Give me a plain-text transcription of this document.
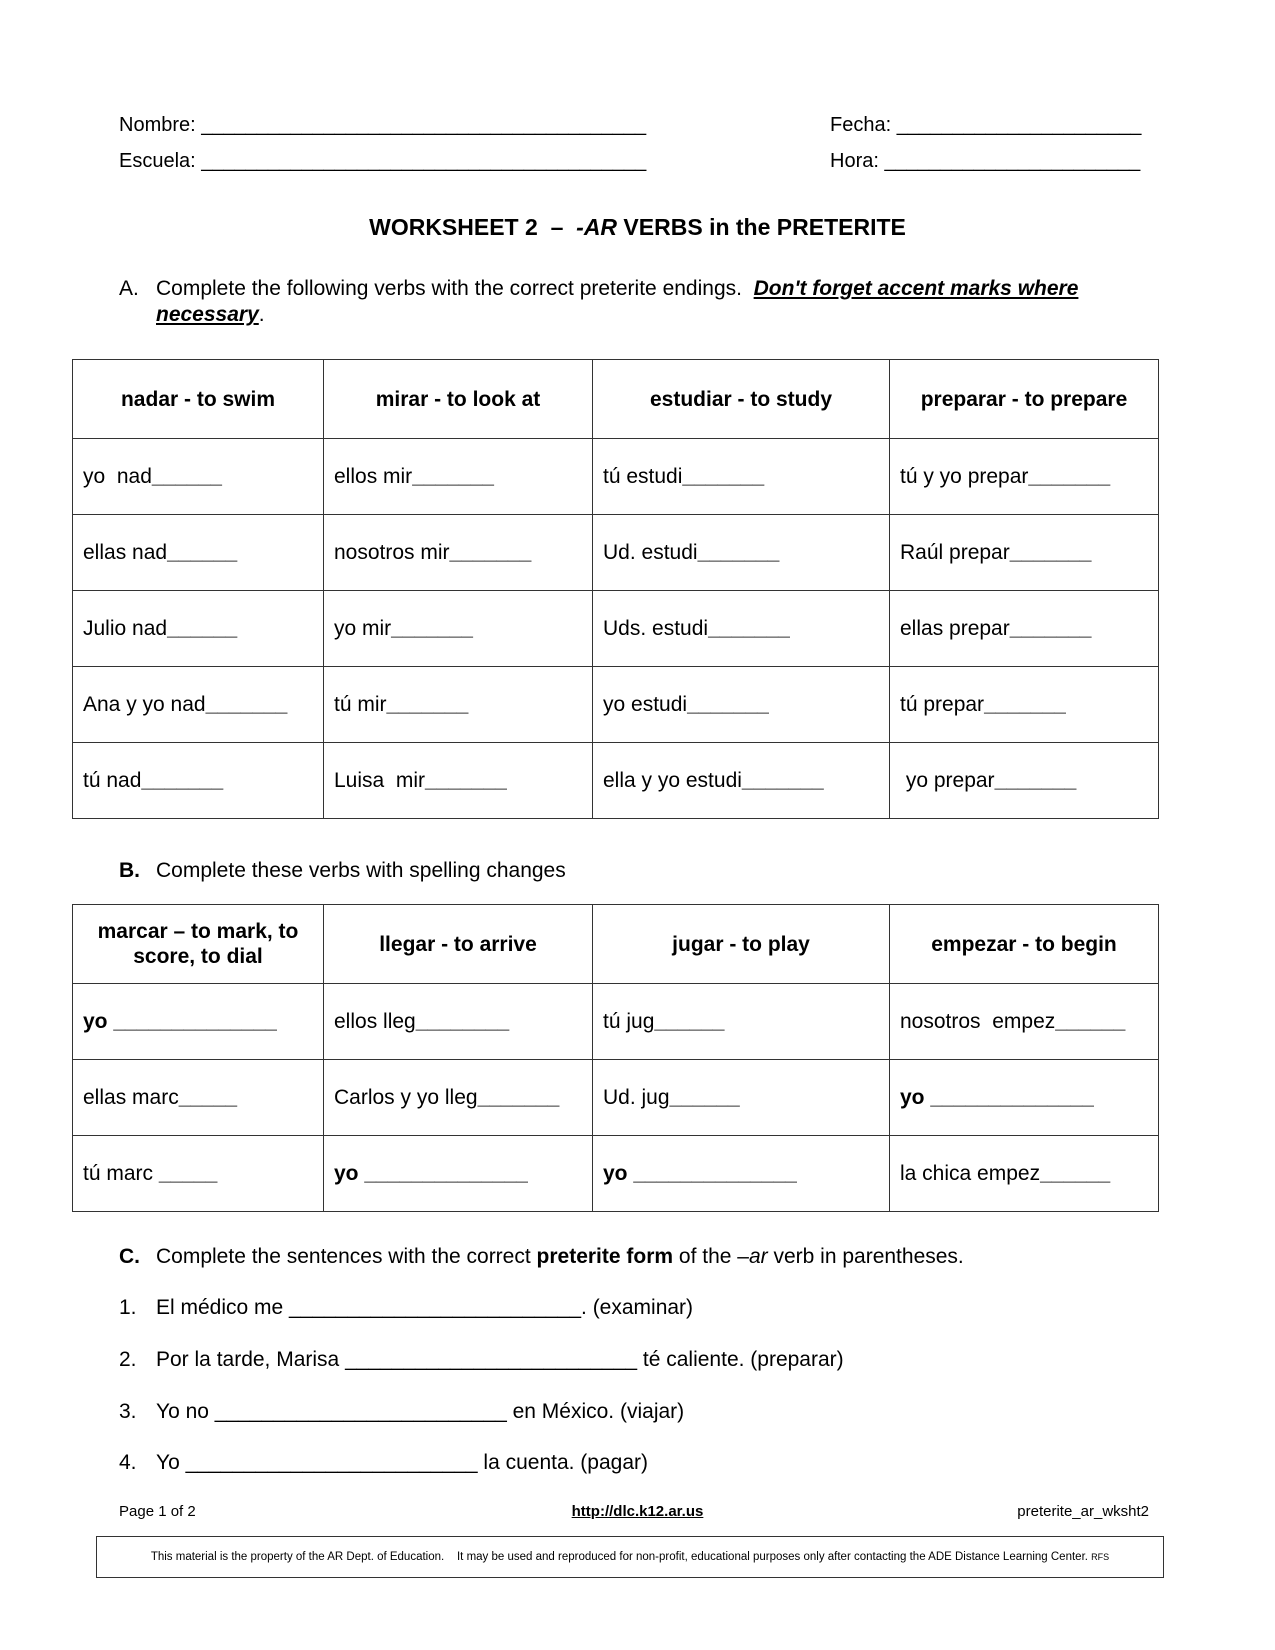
Nombre: ________________________________________
Escuela: ________________________________________
Fecha: ______________________
Hora: _______________________
WORKSHEET 2  –  -AR VERBS in the PRETERITE
A. Complete the following verbs with the correct preterite endings. Don't forget accent marks where necessary.
nadar - to swim	mirar - to look at	estudiar - to study	preparar - to prepare
yo  nad______	ellos mir_______	tú estudi_______	tú y yo prepar_______
ellas nad______	nosotros mir_______	Ud. estudi_______	Raúl prepar_______
Julio nad______	yo mir_______	Uds. estudi_______	ellas prepar_______
Ana y yo nad_______	tú mir_______	yo estudi_______	tú prepar_______
tú nad_______	Luisa  mir_______	ella y yo estudi_______	yo prepar_______
B. Complete these verbs with spelling changes
marcar – to mark, to score, to dial	llegar - to arrive	jugar - to play	empezar - to begin
yo ______________	ellos lleg________	tú jug______	nosotros  empez______
ellas marc_____	Carlos y yo lleg_______	Ud. jug______	yo ______________
tú marc _____	yo ______________	yo ______________	la chica empez______
C. Complete the sentences with the correct preterite form of the –ar verb in parentheses.
1. El médico me _________________________. (examinar)
2. Por la tarde, Marisa _________________________ té caliente. (preparar)
3. Yo no _________________________ en México. (viajar)
4. Yo _________________________ la cuenta. (pagar)
Page 1 of 2	http://dlc.k12.ar.us	preterite_ar_wksht2
This material is the property of the AR Dept. of Education.    It may be used and reproduced for non-profit, educational purposes only after contacting the ADE Distance Learning Center.
RFS
